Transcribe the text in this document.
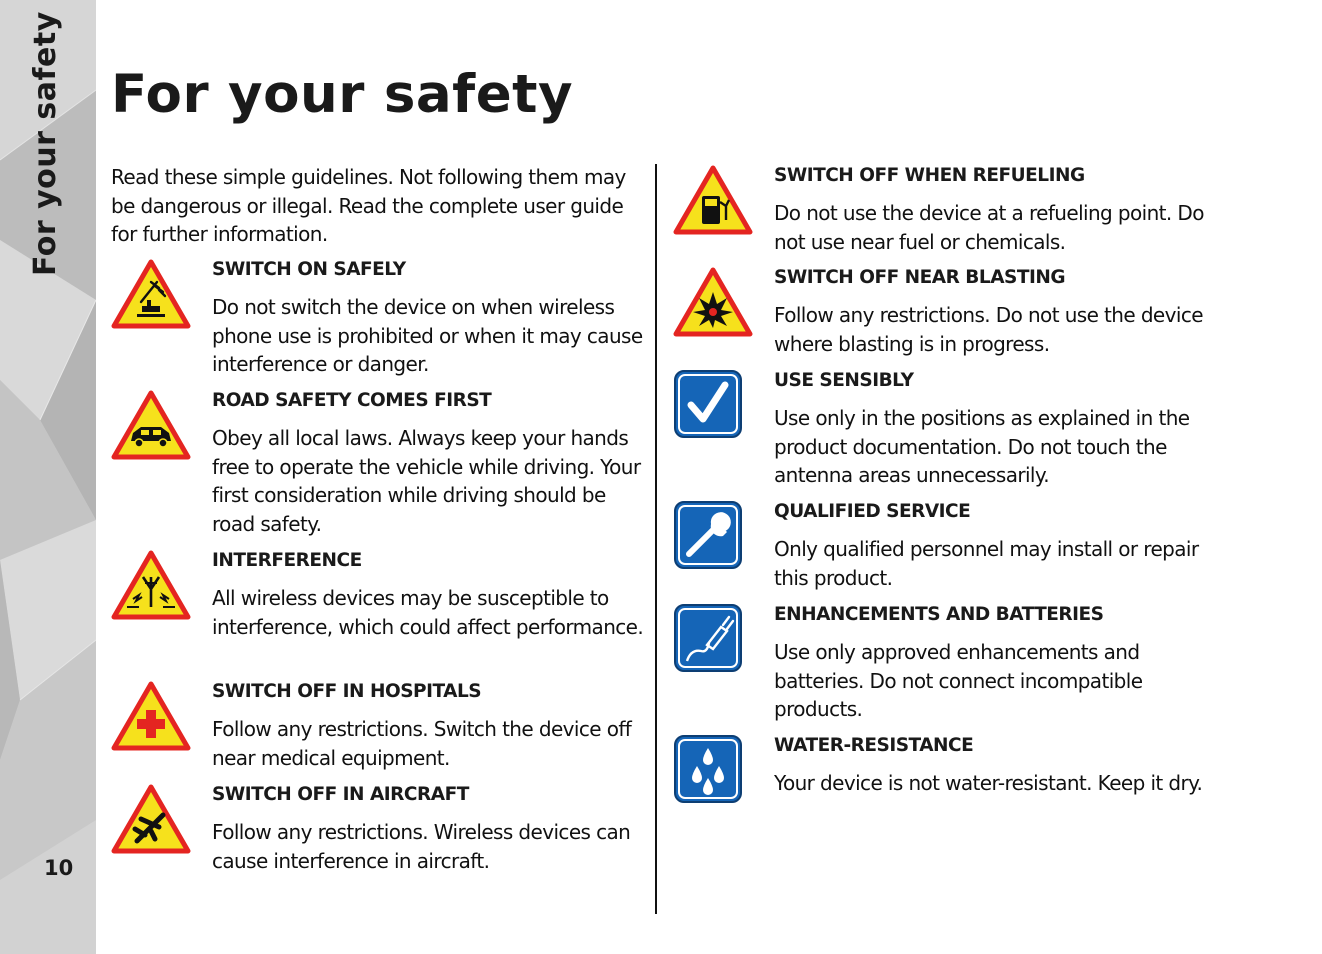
For your safety
10
For your safety

Read these simple guidelines. Not following them may be dangerous or illegal. Read the complete user guide for further information.

SWITCH ON SAFELY

Do not switch the device on when wireless phone use is prohibited or when it may cause interference or danger.

ROAD SAFETY COMES FIRST

Obey all local laws. Always keep your hands free to operate the vehicle while driving. Your first consideration while driving should be road safety.

INTERFERENCE

All wireless devices may be susceptible to interference, which could affect performance.

SWITCH OFF IN HOSPITALS

Follow any restrictions. Switch the device off near medical equipment.

SWITCH OFF IN AIRCRAFT

Follow any restrictions. Wireless devices can cause interference in aircraft.

SWITCH OFF WHEN REFUELING

Do not use the device at a refueling point. Do not use near fuel or chemicals.

SWITCH OFF NEAR BLASTING

Follow any restrictions. Do not use the device where blasting is in progress.

USE SENSIBLY

Use only in the positions as explained in the product documentation. Do not touch the antenna areas unnecessarily.

QUALIFIED SERVICE

Only qualified personnel may install or repair this product.

ENHANCEMENTS AND BATTERIES

Use only approved enhancements and batteries. Do not connect incompatible products.

WATER-RESISTANCE

Your device is not water-resistant. Keep it dry.
